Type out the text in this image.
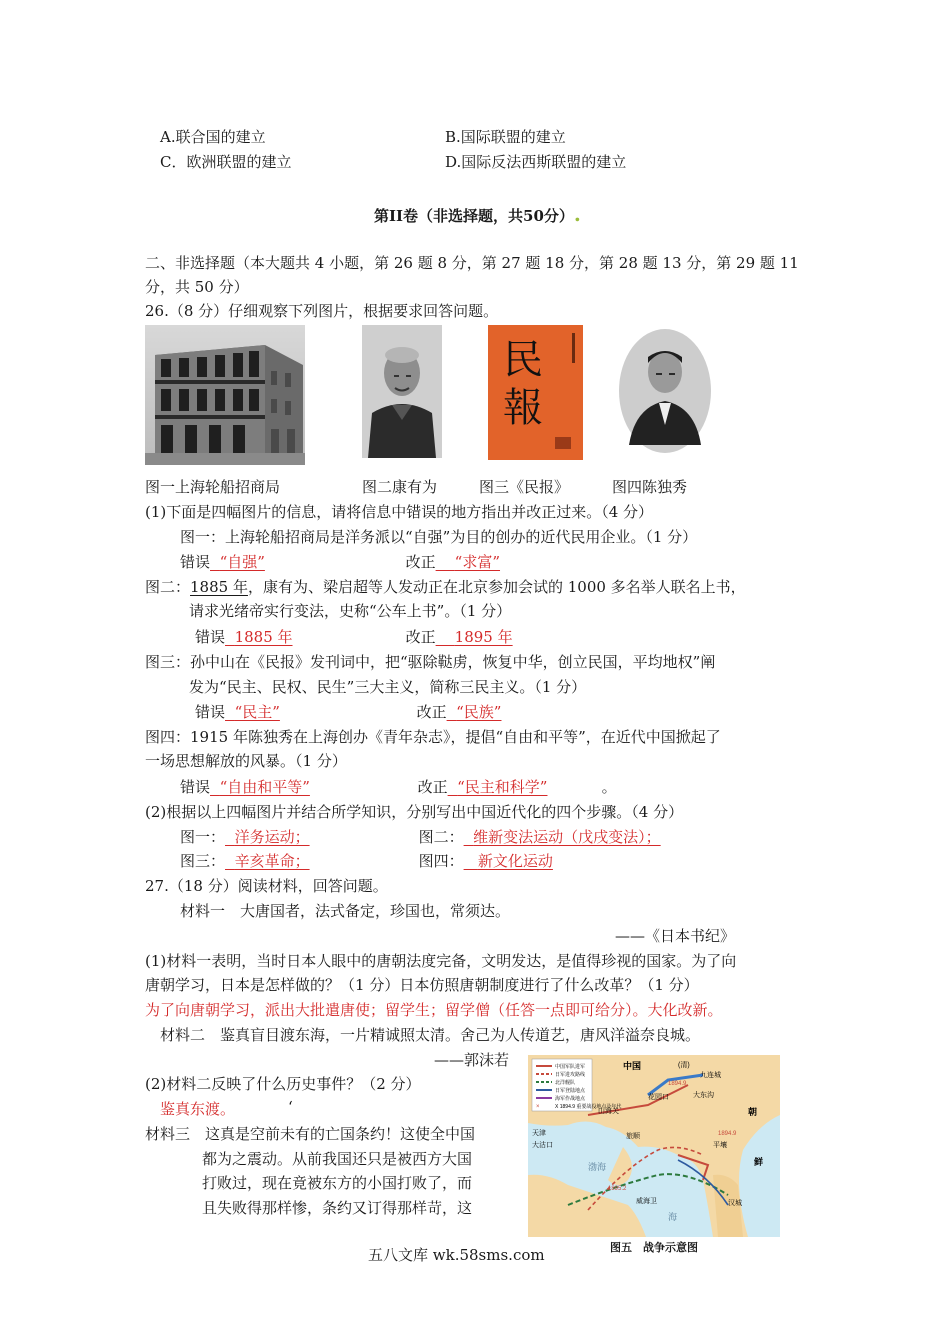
A.联合国的建立	B.国际联盟的建立
C．欧洲联盟的建立	D.国际反法西斯联盟的建立
第II卷（非选择题，共50分）.
二、非选择题（本大题共 4 小题，第 26 题 8 分，第 27 题 18 分，第 28 题 13 分，第 29 题 11
分，共 50 分）
26.（8 分）仔细观察下列图片，根据要求回答问题。
民
報
图一上海轮船招商局	图二康有为	图三《民报》	图四陈独秀
(1)下面是四幅图片的信息，请将信息中错误的地方指出并改正过来。（4 分）
图一：上海轮船招商局是洋务派以“自强”为目的创办的近代民用企业。（1 分）
错误 “自强”	改正 “求富”
图二：1885 年，康有为、梁启超等人发动正在北京参加会试的 1000 多名举人联名上书，
请求光绪帝实行变法，史称“公车上书”。（1 分）
错误 1885 年	改正 1895 年
图三：孙中山在《民报》发刊词中，把“驱除鞑虏，恢复中华，创立民国，平均地权”阐
发为“民主、民权、民生”三大主义，简称三民主义。（1 分）
错误 “民主”	改正 “民族”
图四：1915 年陈独秀在上海创办《青年杂志》，提倡“自由和平等”，在近代中国掀起了
一场思想解放的风暴。（1 分）
错误 “自由和平等”	改正 “民主和科学”	。
(2)根据以上四幅图片并结合所学知识，分别写出中国近代化的四个步骤。（4 分）
图一： 洋务运动；	图二： 维新变法运动（戊戌变法）；
图三： 辛亥革命；	图四： 新文化运动
27.（18 分）阅读材料，回答问题。
材料一　大唐国者，法式备定，珍国也，常须达。
——《日本书纪》
(1)材料一表明，当时日本人眼中的唐朝法度完备，文明发达，是值得珍视的国家。为了向
唐朝学习，日本是怎样做的？（1 分）日本仿照唐朝制度进行了什么改革？（1 分）
为了向唐朝学习，派出大批遣唐使；留学生；留学僧（任答一点即可给分）。大化改新。
材料二　鉴真盲目渡东海，一片精诚照太清。舍己为人传道艺，唐风洋溢奈良城。
——郭沫若
(2)材料二反映了什么历史事件？（2 分）
鉴真东渡。	‘
材料三　这真是空前未有的亡国条约！这使全中国
都为之震动。从前我国还只是被西方大国
打败过，现在竟被东方的小国打败了，而
且失败得那样惨，条约又订得那样苛，这
×
中国	(清)
九连城
朝
鲜
山海关
天津
大沽口
花园口	大东沟
旅顺
威海卫
平壤
汉城
渤海
海
1894.9
1894.9
1895.2
中国军队进军
日军进攻路线
北洋舰队
日军登陆地点
海军作战地点
X 1894.9 重要战役地点及年代
图五　战争示意图
五八文库 wk.58sms.com
